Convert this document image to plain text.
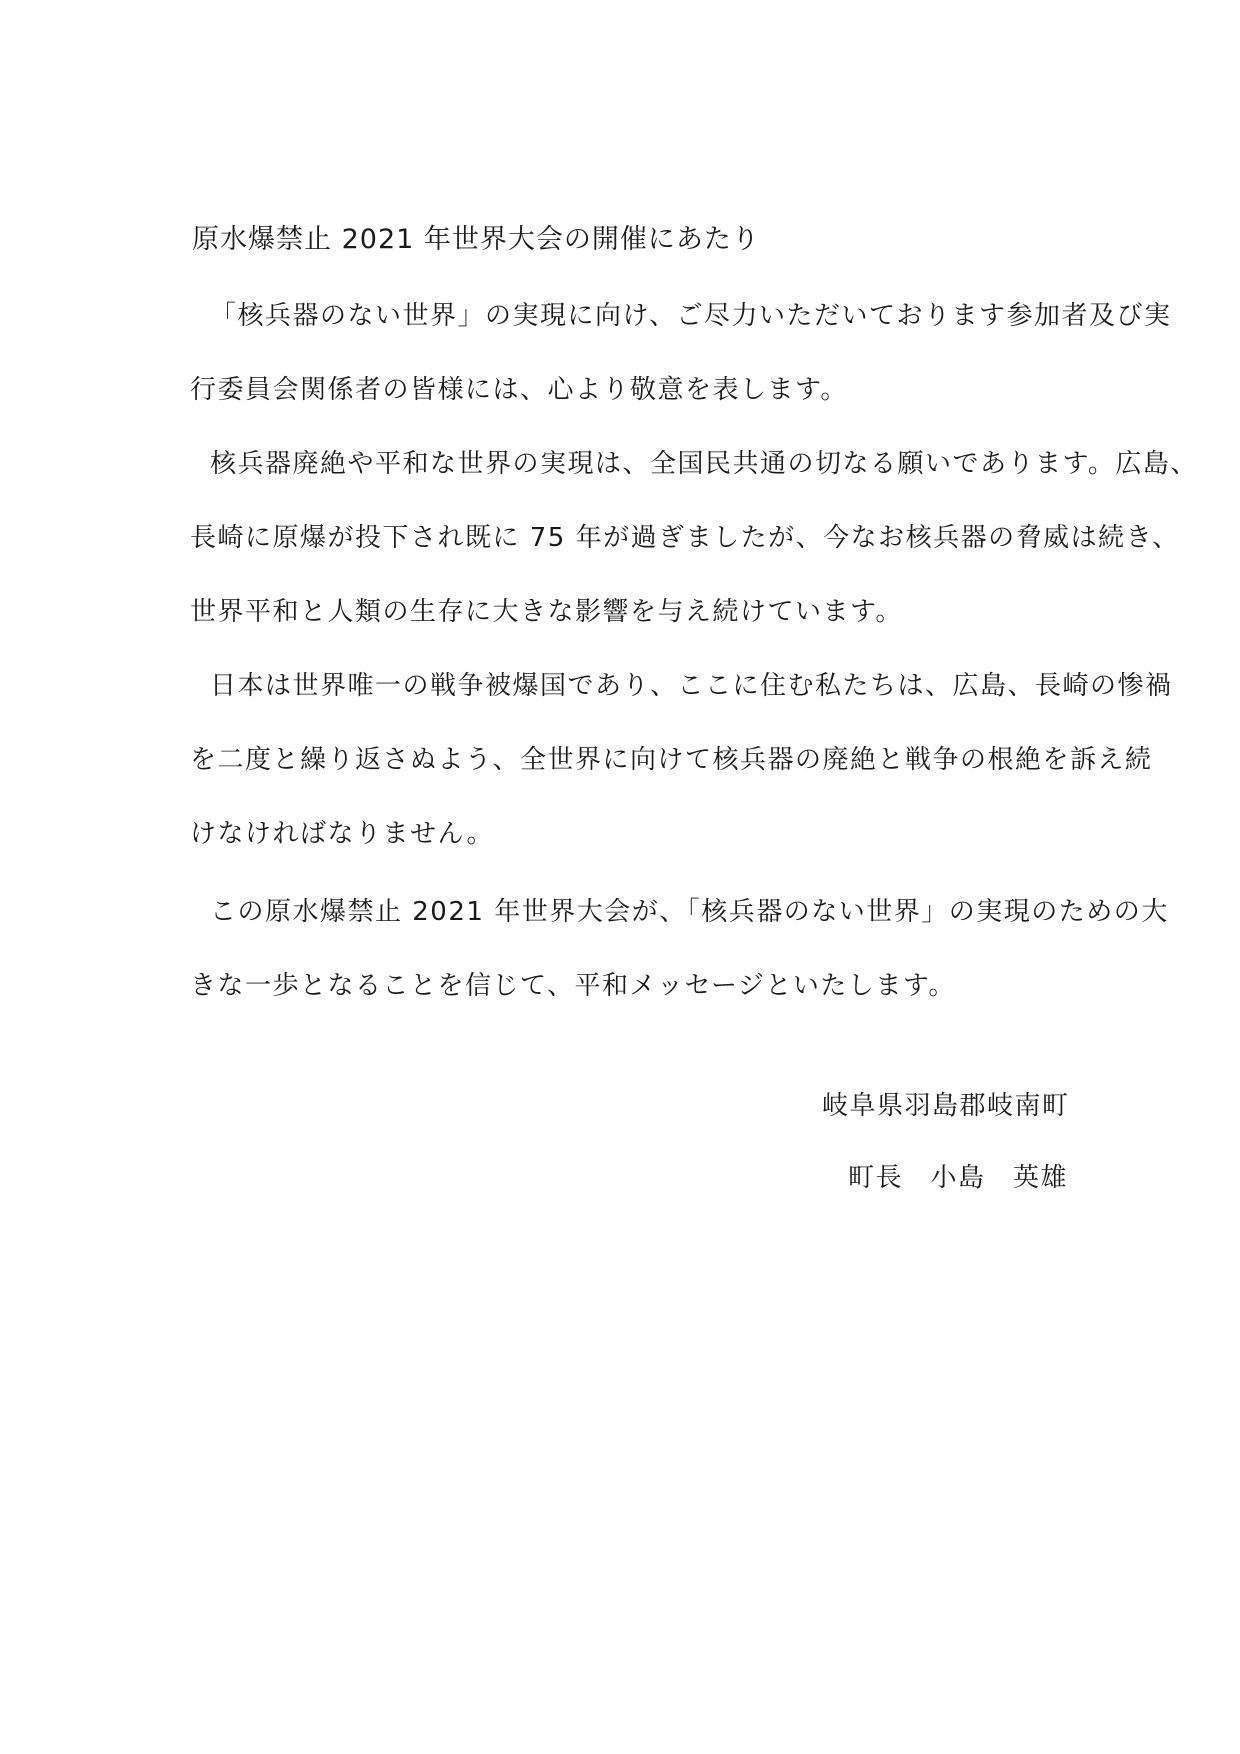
原水爆禁止 2021 年世界大会の開催にあたり
「核兵器のない世界」の実現に向け、ご尽力いただいております参加者及び実
行委員会関係者の皆様には、心より敬意を表します。
核兵器廃絶や平和な世界の実現は、全国民共通の切なる願いであります。広島、
長崎に原爆が投下され既に 75 年が過ぎましたが、今なお核兵器の脅威は続き、
世界平和と人類の生存に大きな影響を与え続けています。
日本は世界唯一の戦争被爆国であり、ここに住む私たちは、広島、長崎の惨禍
を二度と繰り返さぬよう、全世界に向けて核兵器の廃絶と戦争の根絶を訴え続
けなければなりません。
この原水爆禁止 2021 年世界大会が、「核兵器のない世界」の実現のための大
きな一歩となることを信じて、平和メッセージといたします。
岐阜県羽島郡岐南町
町長　小島　英雄
